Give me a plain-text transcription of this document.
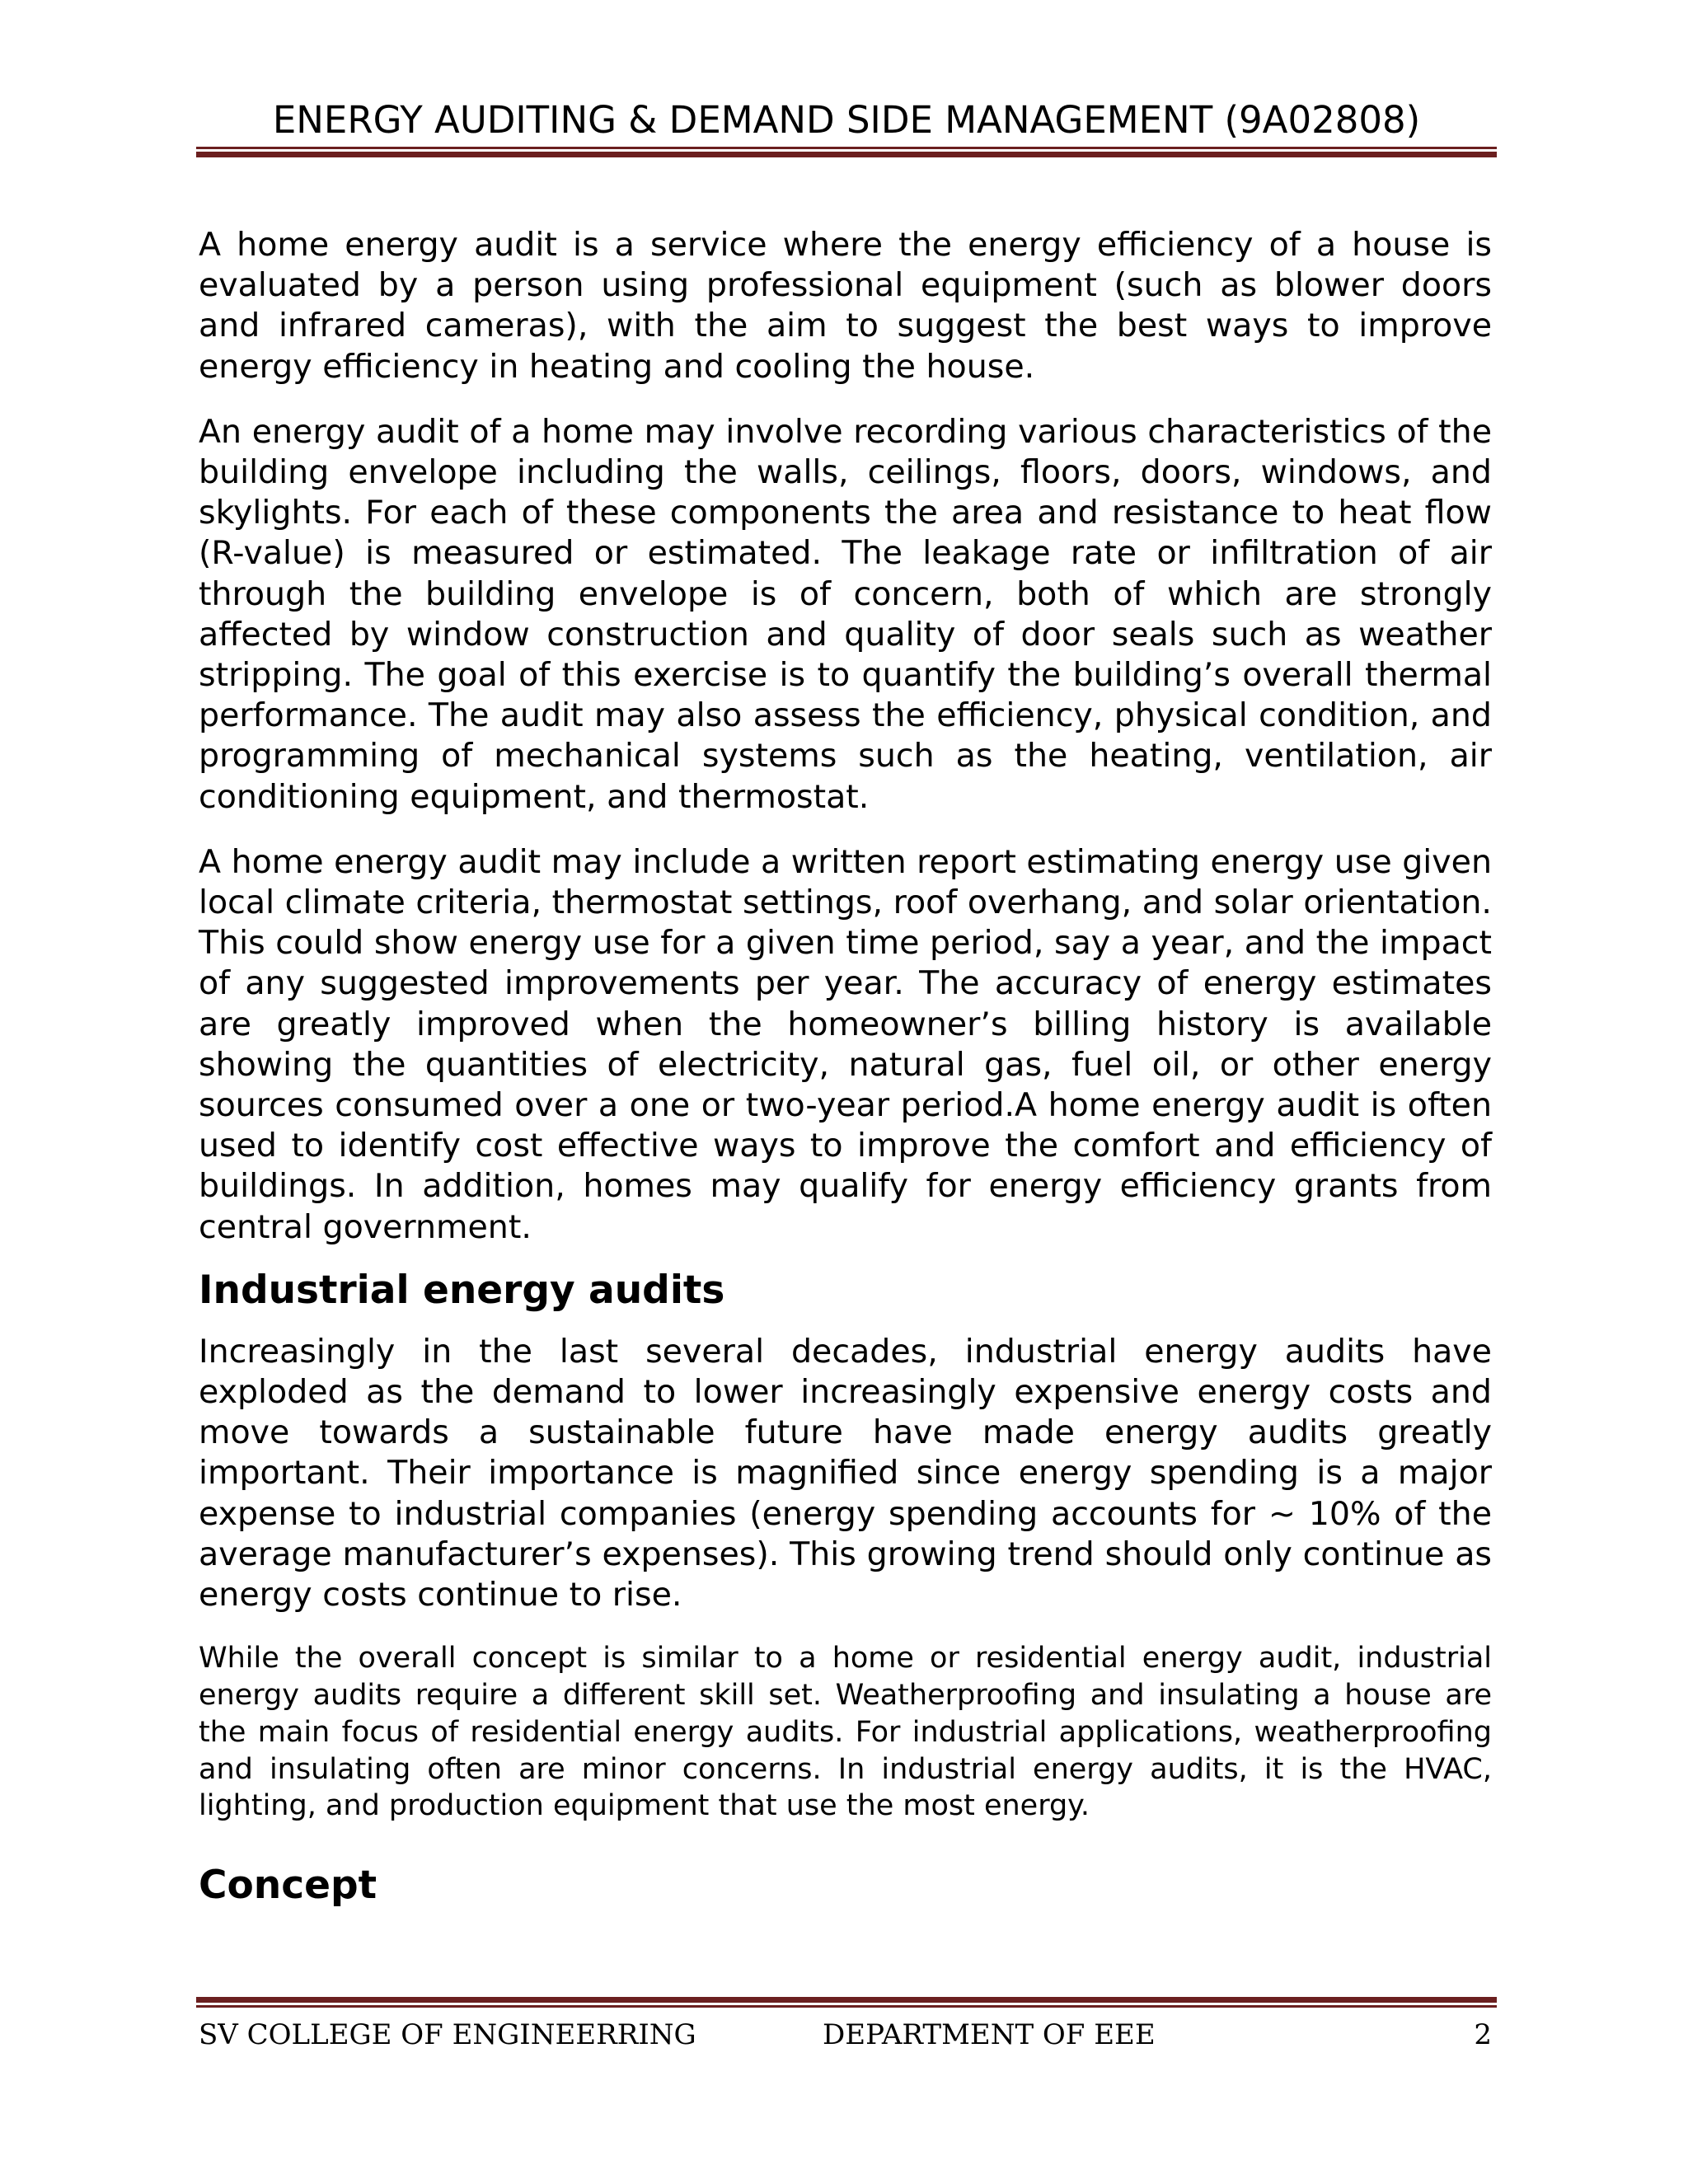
ENERGY AUDITING & DEMAND SIDE MANAGEMENT (9A02808)

A home energy audit is a service where the energy efficiency of a house is evaluated by a person using professional equipment (such as blower doors and infrared cameras), with the aim to suggest the best ways to improve energy efficiency in heating and cooling the house.

An energy audit of a home may involve recording various characteristics of the building envelope including the walls, ceilings, floors, doors, windows, and skylights. For each of these components the area and resistance to heat flow (R-value) is measured or estimated. The leakage rate or infiltration of air through the building envelope is of concern, both of which are strongly affected by window construction and quality of door seals such as weather stripping. The goal of this exercise is to quantify the building’s overall thermal performance. The audit may also assess the efficiency, physical condition, and programming of mechanical systems such as the heating, ventilation, air conditioning equipment, and thermostat.

A home energy audit may include a written report estimating energy use given local climate criteria, thermostat settings, roof overhang, and solar orientation. This could show energy use for a given time period, say a year, and the impact of any suggested improvements per year. The accuracy of energy estimates are greatly improved when the homeowner’s billing history is available showing the quantities of electricity, natural gas, fuel oil, or other energy sources consumed over a one or two-year period.A home energy audit is often used to identify cost effective ways to improve the comfort and efficiency of buildings. In addition, homes may qualify for energy efficiency grants from central government.

Industrial energy audits

Increasingly in the last several decades, industrial energy audits have exploded as the demand to lower increasingly expensive energy costs and move towards a sustainable future have made energy audits greatly important. Their importance is magnified since energy spending is a major expense to industrial companies (energy spending accounts for ~ 10% of the average manufacturer’s expenses). This growing trend should only continue as energy costs continue to rise.

While the overall concept is similar to a home or residential energy audit, industrial energy audits require a different skill set. Weatherproofing and insulating a house are the main focus of residential energy audits. For industrial applications, weatherproofing and insulating often are minor concerns. In industrial energy audits, it is the HVAC, lighting, and production equipment that use the most energy.

Concept
SV COLLEGE OF ENGINEERRING	DEPARTMENT OF EEE	2
